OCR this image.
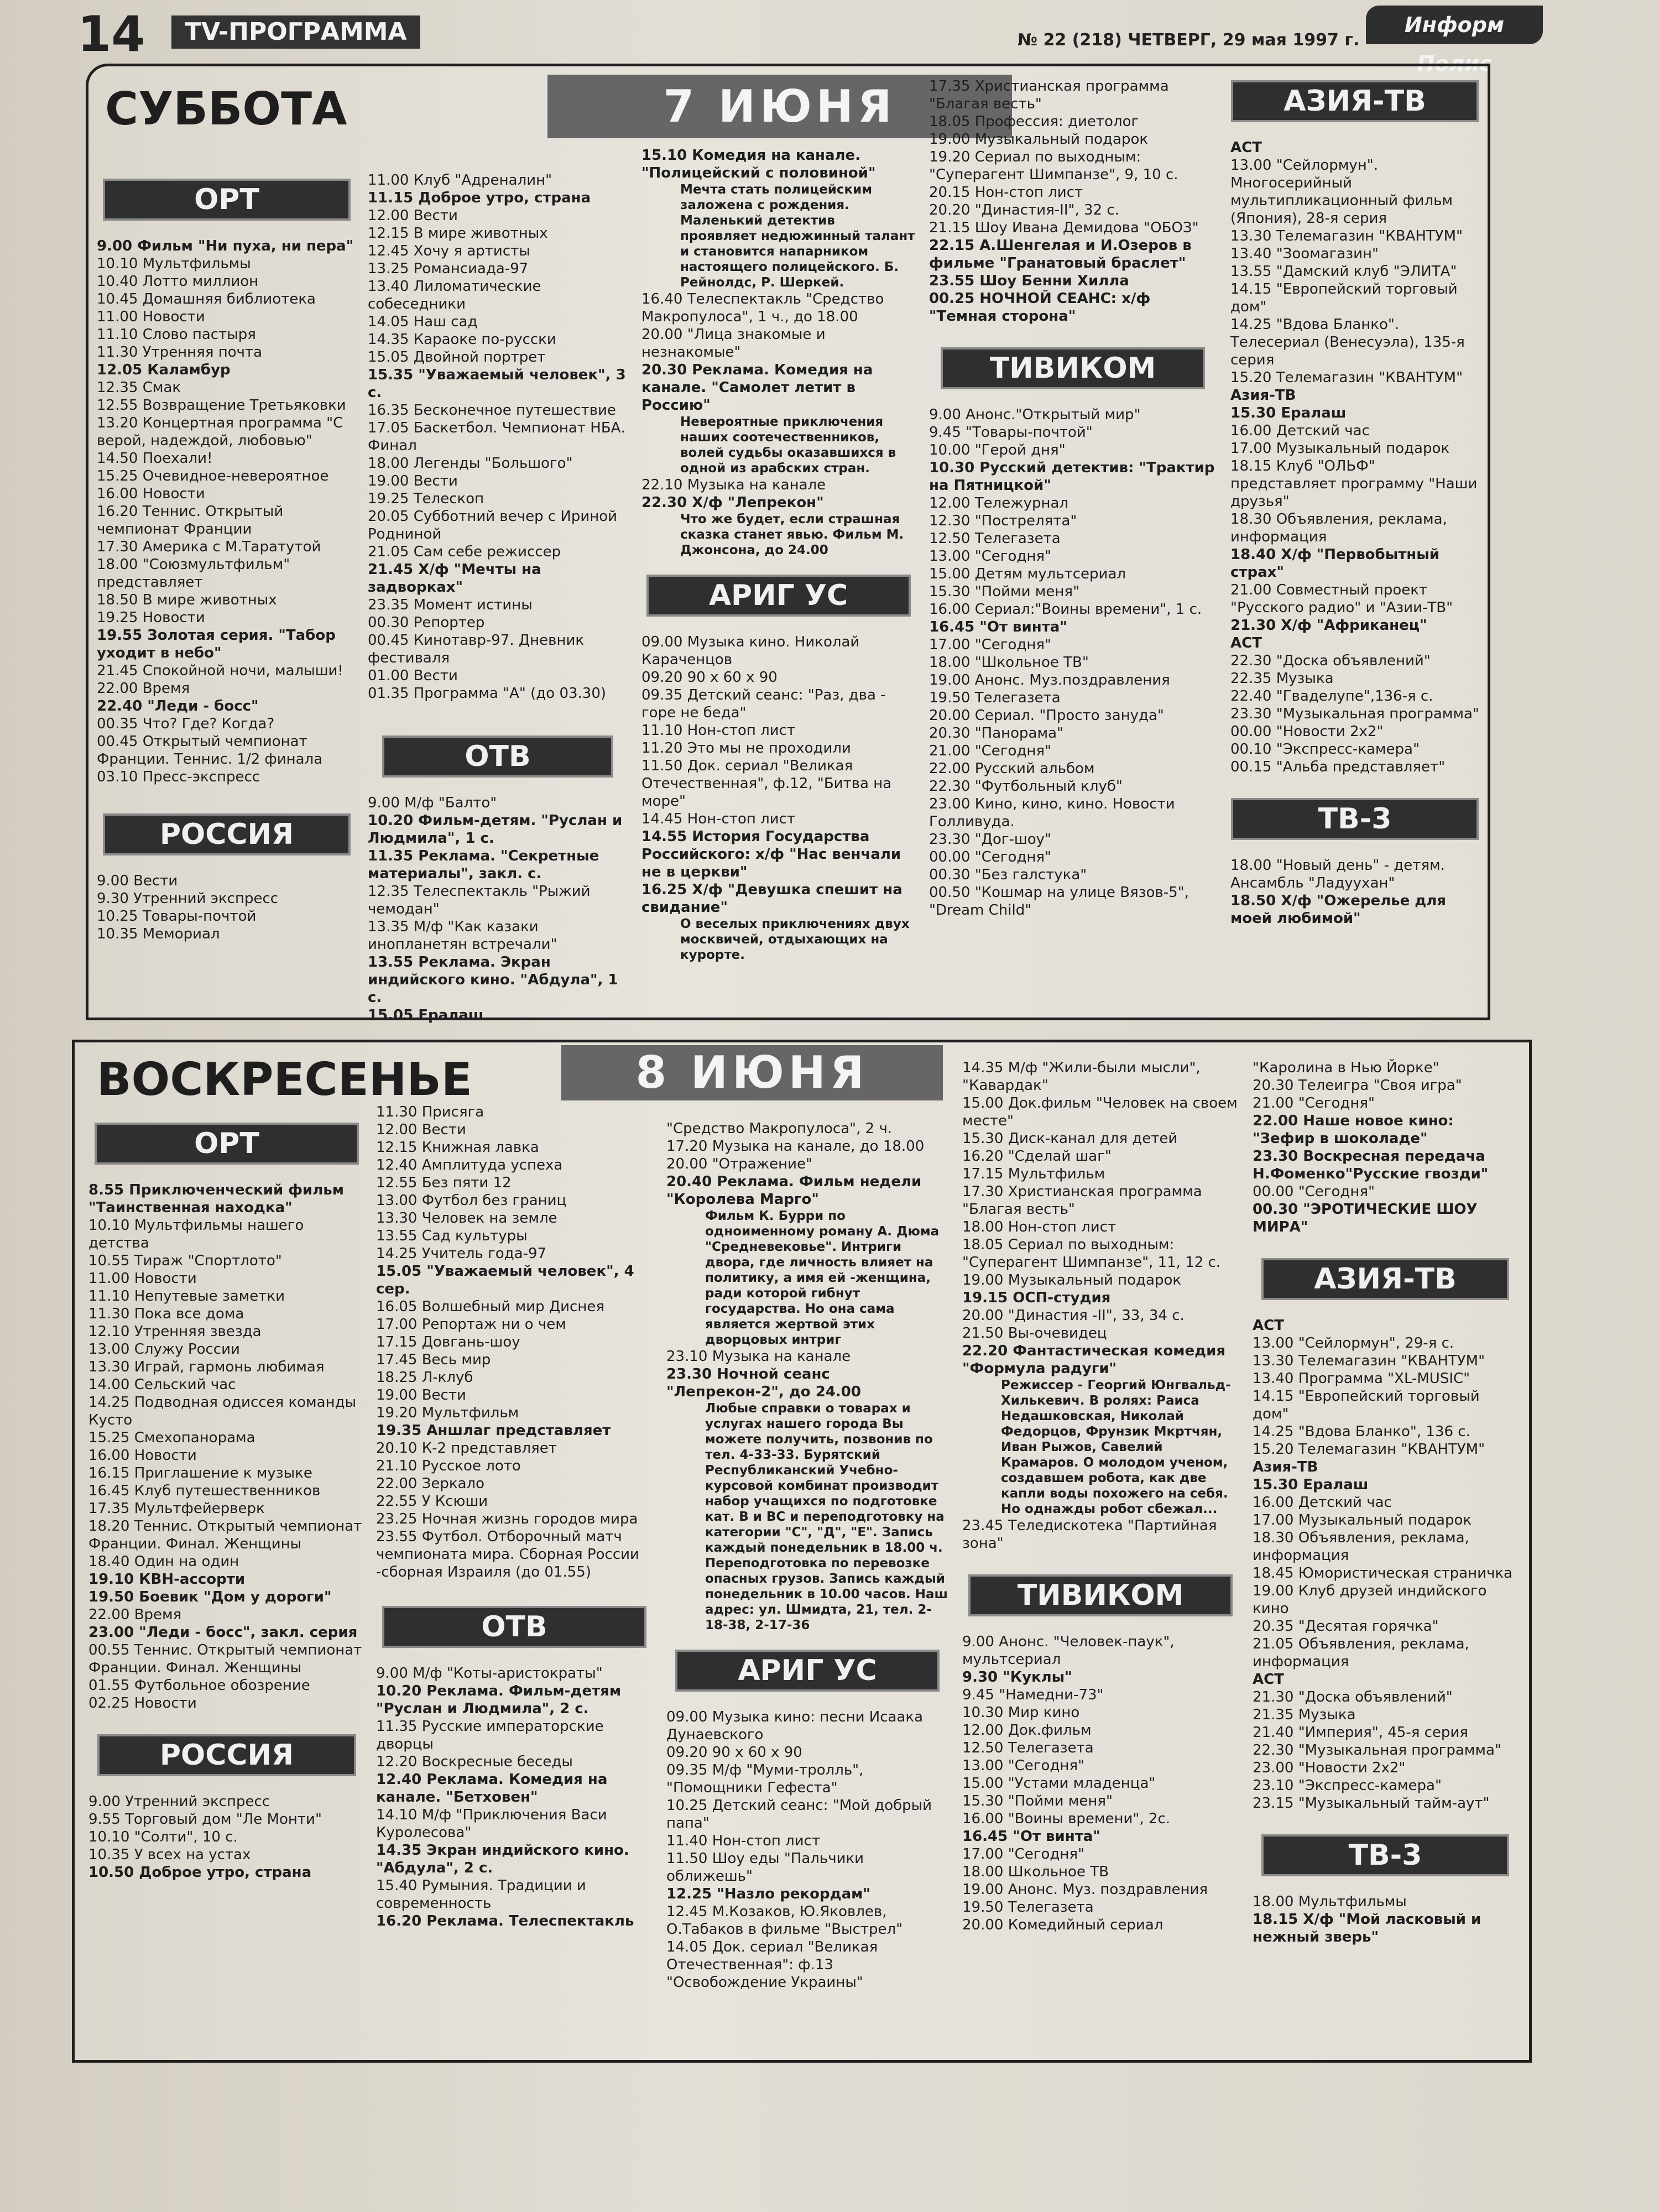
14	TV-ПРОГРАММА	№ 22 (218) ЧЕТВЕРГ, 29 мая 1997 г.
Информ Полис
СУББОТА	7 ИЮНЯ
ОРТ
9.00 Фильм "Ни пуха, ни пера"
10.10 Мультфильмы
10.40 Лотто миллион
10.45 Домашняя библиотека
11.00 Новости
11.10 Слово пастыря
11.30 Утренняя почта
12.05 Каламбур
12.35 Смак
12.55 Возвращение Третьяковки
13.20 Концертная программа "С верой, надеждой, любовью"
14.50 Поехали!
15.25 Очевидное-невероятное
16.00 Новости
16.20 Теннис. Открытый чемпионат Франции
17.30 Америка с М.Таратутой
18.00 "Союзмультфильм" представляет
18.50 В мире животных
19.25 Новости
19.55 Золотая серия. "Табор уходит в небо"
21.45 Спокойной ночи, малыши!
22.00 Время
22.40 "Леди - босс"
00.35 Что? Где? Когда?
00.45 Открытый чемпионат Франции. Теннис. 1/2 финала
03.10 Пресс-экспресс
РОССИЯ
9.00 Вести
9.30 Утренний экспресс
10.25 Товары-почтой
10.35 Мемориал
11.00 Клуб "Адреналин"
11.15 Доброе утро, страна
12.00 Вести
12.15 В мире животных
12.45 Хочу я артисты
13.25 Романсиада-97
13.40 Лиломатические собеседники
14.05 Наш сад
14.35 Караоке по-русски
15.05 Двойной портрет
15.35 "Уважаемый человек", 3 с.
16.35 Бесконечное путешествие
17.05 Баскетбол. Чемпионат НБА. Финал
18.00 Легенды "Большого"
19.00 Вести
19.25 Телескоп
20.05 Субботний вечер с Ириной Родниной
21.05 Сам себе режиссер
21.45 Х/ф "Мечты на задворках"
23.35 Момент истины
00.30 Репортер
00.45 Кинотавр-97. Дневник фестиваля
01.00 Вести
01.35 Программа "А" (до 03.30)
ОТВ
9.00 М/ф "Балто"
10.20 Фильм-детям. "Руслан и Людмила", 1 с.
11.35 Реклама. "Секретные материалы", закл. с.
12.35 Телеспектакль "Рыжий чемодан"
13.35 М/ф "Как казаки инопланетян встречали"
13.55 Реклама. Экран индийского кино. "Абдула", 1 с.
15.05 Ералаш
15.10 Комедия на канале. "Полицейский с половиной"
Мечта стать полицейским заложена с рождения. Маленький детектив проявляет недюжинный талант и становится напарником настоящего полицейского. Б. Рейнолдс, Р. Шеркей.
16.40 Телеспектакль "Средство Макропулоса", 1 ч., до 18.00
20.00 "Лица знакомые и незнакомые"
20.30 Реклама. Комедия на канале. "Самолет летит в Россию"
Невероятные приключения наших соотечественников, волей судьбы оказавшихся в одной из арабских стран.
22.10 Музыка на канале
22.30 Х/ф "Лепрекон"
Что же будет, если страшная сказка станет явью. Фильм М. Джонсона, до 24.00
АРИГ УС
09.00 Музыка кино. Николай Караченцов
09.20 90 х 60 х 90
09.35 Детский сеанс: "Раз, два - горе не беда"
11.10 Нон-стоп лист
11.20 Это мы не проходили
11.50 Док. сериал "Великая Отечественная", ф.12, "Битва на море"
14.45 Нон-стоп лист
14.55 История Государства Российского: х/ф "Нас венчали не в церкви"
16.25 Х/ф "Девушка спешит на свидание"
О веселых приключениях двух москвичей, отдыхающих на курорте.
17.35 Христианская программа "Благая весть"
18.05 Профессия: диетолог
19.00 Музыкальный подарок
19.20 Сериал по выходным: "Суперагент Шимпанзе", 9, 10 с.
20.15 Нон-стоп лист
20.20 "Династия-II", 32 с.
21.15 Шоу Ивана Демидова "ОБОЗ"
22.15 А.Шенгелая и И.Озеров в фильме "Гранатовый браслет"
23.55 Шоу Бенни Хилла
00.25 НОЧНОЙ СЕАНС: х/ф "Темная сторона"
ТИВИКОМ
9.00 Анонс."Открытый мир"
9.45 "Товары-почтой"
10.00 "Герой дня"
10.30 Русский детектив: "Трактир на Пятницкой"
12.00 Тележурнал
12.30 "Пострелята"
12.50 Телегазета
13.00 "Сегодня"
15.00 Детям мультсериал
15.30 "Пойми меня"
16.00 Сериал:"Воины времени", 1 с.
16.45 "От винта"
17.00 "Сегодня"
18.00 "Школьное ТВ"
19.00 Анонс. Муз.поздравления
19.50 Телегазета
20.00 Сериал. "Просто зануда"
20.30 "Панорама"
21.00 "Сегодня"
22.00 Русский альбом
22.30 "Футбольный клуб"
23.00 Кино, кино, кино. Новости Голливуда.
23.30 "Дог-шоу"
00.00 "Сегодня"
00.30 "Без галстука"
00.50 "Кошмар на улице Вязов-5", "Dream Child"
АЗИЯ-ТВ
АСТ
13.00 "Сейлормун". Многосерийный мультипликационный фильм (Япония), 28-я серия
13.30 Телемагазин "КВАНТУМ"
13.40 "Зоомагазин"
13.55 "Дамский клуб "ЭЛИТА"
14.15 "Европейский торговый дом"
14.25 "Вдова Бланко". Телесериал (Венесуэла), 135-я серия
15.20 Телемагазин "КВАНТУМ"
Азия-ТВ
15.30 Ералаш
16.00 Детский час
17.00 Музыкальный подарок
18.15 Клуб "ОЛЬФ" представляет программу "Наши друзья"
18.30 Объявления, реклама, информация
18.40 Х/ф "Первобытный страх"
21.00 Совместный проект "Русского радио" и "Азии-ТВ"
21.30 Х/ф "Африканец"
АСТ
22.30 "Доска объявлений"
22.35 Музыка
22.40 "Гваделупе",136-я с.
23.30 "Музыкальная программа"
00.00 "Новости 2х2"
00.10 "Экспресс-камера"
00.15 "Альба представляет"
ТВ-3
18.00 "Новый день" - детям. Ансамбль "Ладуухан"
18.50 Х/ф "Ожерелье для моей любимой"
ВОСКРЕСЕНЬЕ	8 ИЮНЯ
ОРТ
8.55 Приключенческий фильм "Таинственная находка"
10.10 Мультфильмы нашего детства
10.55 Тираж "Спортлото"
11.00 Новости
11.10 Непутевые заметки
11.30 Пока все дома
12.10 Утренняя звезда
13.00 Служу России
13.30 Играй, гармонь любимая
14.00 Сельский час
14.25 Подводная одиссея команды Кусто
15.25 Смехопанорама
16.00 Новости
16.15 Приглашение к музыке
16.45 Клуб путешественников
17.35 Мультфейерверк
18.20 Теннис. Открытый чемпионат Франции. Финал. Женщины
18.40 Один на один
19.10 КВН-ассорти
19.50 Боевик "Дом у дороги"
22.00 Время
23.00 "Леди - босс", закл. серия
00.55 Теннис. Открытый чемпионат Франции. Финал. Женщины
01.55 Футбольное обозрение
02.25 Новости
РОССИЯ
9.00 Утренний экспресс
9.55 Торговый дом "Ле Монти"
10.10 "Солти", 10 с.
10.35 У всех на устах
10.50 Доброе утро, страна
11.30 Присяга
12.00 Вести
12.15 Книжная лавка
12.40 Амплитуда успеха
12.55 Без пяти 12
13.00 Футбол без границ
13.30 Человек на земле
13.55 Сад культуры
14.25 Учитель года-97
15.05 "Уважаемый человек", 4 сер.
16.05 Волшебный мир Диснея
17.00 Репортаж ни о чем
17.15 Довгань-шоу
17.45 Весь мир
18.25 Л-клуб
19.00 Вести
19.20 Мультфильм
19.35 Аншлаг представляет
20.10 К-2 представляет
21.10 Русское лото
22.00 Зеркало
22.55 У Ксюши
23.25 Ночная жизнь городов мира
23.55 Футбол. Отборочный матч чемпионата мира. Сборная России -сборная Израиля (до 01.55)
ОТВ
9.00 М/ф "Коты-аристократы"
10.20 Реклама. Фильм-детям "Руслан и Людмила", 2 с.
11.35 Русские императорские дворцы
12.20 Воскресные беседы
12.40 Реклама. Комедия на канале. "Бетховен"
14.10 М/ф "Приключения Васи Куролесова"
14.35 Экран индийского кино. "Абдула", 2 с.
15.40 Румыния. Традиции и современность
16.20 Реклама. Телеспектакль
"Средство Макропулоса", 2 ч.
17.20 Музыка на канале, до 18.00
20.00 "Отражение"
20.40 Реклама. Фильм недели "Королева Марго"
Фильм К. Бурри по одноименному роману А. Дюма "Средневековье". Интриги двора, где личность влияет на политику, а имя ей -женщина, ради которой гибнут государства. Но она сама является жертвой этих дворцовых интриг
23.10 Музыка на канале
23.30 Ночной сеанс "Лепрекон-2", до 24.00
Любые справки о товарах и услугах нашего города Вы можете получить, позвонив по тел. 4-33-33. Бурятский Республиканский Учебно-курсовой комбинат производит набор учащихся по подготовке кат. В и ВС и переподготовку на категории "С", "Д", "Е". Запись каждый понедельник в 18.00 ч. Переподготовка по перевозке опасных грузов. Запись каждый понедельник в 10.00 часов. Наш адрес: ул. Шмидта, 21, тел. 2-18-38, 2-17-36
АРИГ УС
09.00 Музыка кино: песни Исаака Дунаевского
09.20 90 х 60 х 90
09.35 М/ф "Муми-тролль", "Помощники Гефеста"
10.25 Детский сеанс: "Мой добрый папа"
11.40 Нон-стоп лист
11.50 Шоу еды "Пальчики оближешь"
12.25 "Назло рекордам"
12.45 М.Козаков, Ю.Яковлев, О.Табаков в фильме "Выстрел"
14.05 Док. сериал "Великая Отечественная": ф.13 "Освобождение Украины"
14.35 М/ф "Жили-были мысли", "Кавардак"
15.00 Док.фильм "Человек на своем месте"
15.30 Диск-канал для детей
16.20 "Сделай шаг"
17.15 Мультфильм
17.30 Христианская программа "Благая весть"
18.00 Нон-стоп лист
18.05 Сериал по выходным: "Суперагент Шимпанзе", 11, 12 с.
19.00 Музыкальный подарок
19.15 ОСП-студия
20.00 "Династия -II", 33, 34 с.
21.50 Вы-очевидец
22.20 Фантастическая комедия "Формула радуги"
Режиссер - Георгий Юнгвальд-Хилькевич. В ролях: Раиса Недашковская, Николай Федорцов, Фрунзик Мкртчян, Иван Рыжов, Савелий Крамаров. О молодом ученом, создавшем робота, как две капли воды похожего на себя. Но однажды робот сбежал...
23.45 Теледискотека "Партийная зона"
ТИВИКОМ
9.00 Анонс. "Человек-паук", мультсериал
9.30 "Куклы"
9.45 "Намедни-73"
10.30 Мир кино
12.00 Док.фильм
12.50 Телегазета
13.00 "Сегодня"
15.00 "Устами младенца"
15.30 "Пойми меня"
16.00 "Воины времени", 2с.
16.45 "От винта"
17.00 "Сегодня"
18.00 Школьное ТВ
19.00 Анонс. Муз. поздравления
19.50 Телегазета
20.00 Комедийный сериал
"Каролина в Нью Йорке"
20.30 Телеигра "Своя игра"
21.00 "Сегодня"
22.00 Наше новое кино: "Зефир в шоколаде"
23.30 Воскресная передача Н.Фоменко"Русские гвозди"
00.00 "Сегодня"
00.30 "ЭРОТИЧЕСКИЕ ШОУ МИРА"
АЗИЯ-ТВ
АСТ
13.00 "Сейлормун", 29-я с.
13.30 Телемагазин "КВАНТУМ"
13.40 Программа "XL-MUSIC"
14.15 "Европейский торговый дом"
14.25 "Вдова Бланко", 136 с.
15.20 Телемагазин "КВАНТУМ"
Азия-ТВ
15.30 Ералаш
16.00 Детский час
17.00 Музыкальный подарок
18.30 Объявления, реклама, информация
18.45 Юмористическая страничка
19.00 Клуб друзей индийского кино
20.35 "Десятая горячка"
21.05 Объявления, реклама, информация
АСТ
21.30 "Доска объявлений"
21.35 Музыка
21.40 "Империя", 45-я серия
22.30 "Музыкальная программа"
23.00 "Новости 2х2"
23.10 "Экспресс-камера"
23.15 "Музыкальный тайм-аут"
ТВ-3
18.00 Мультфильмы
18.15 Х/ф "Мой ласковый и нежный зверь"
